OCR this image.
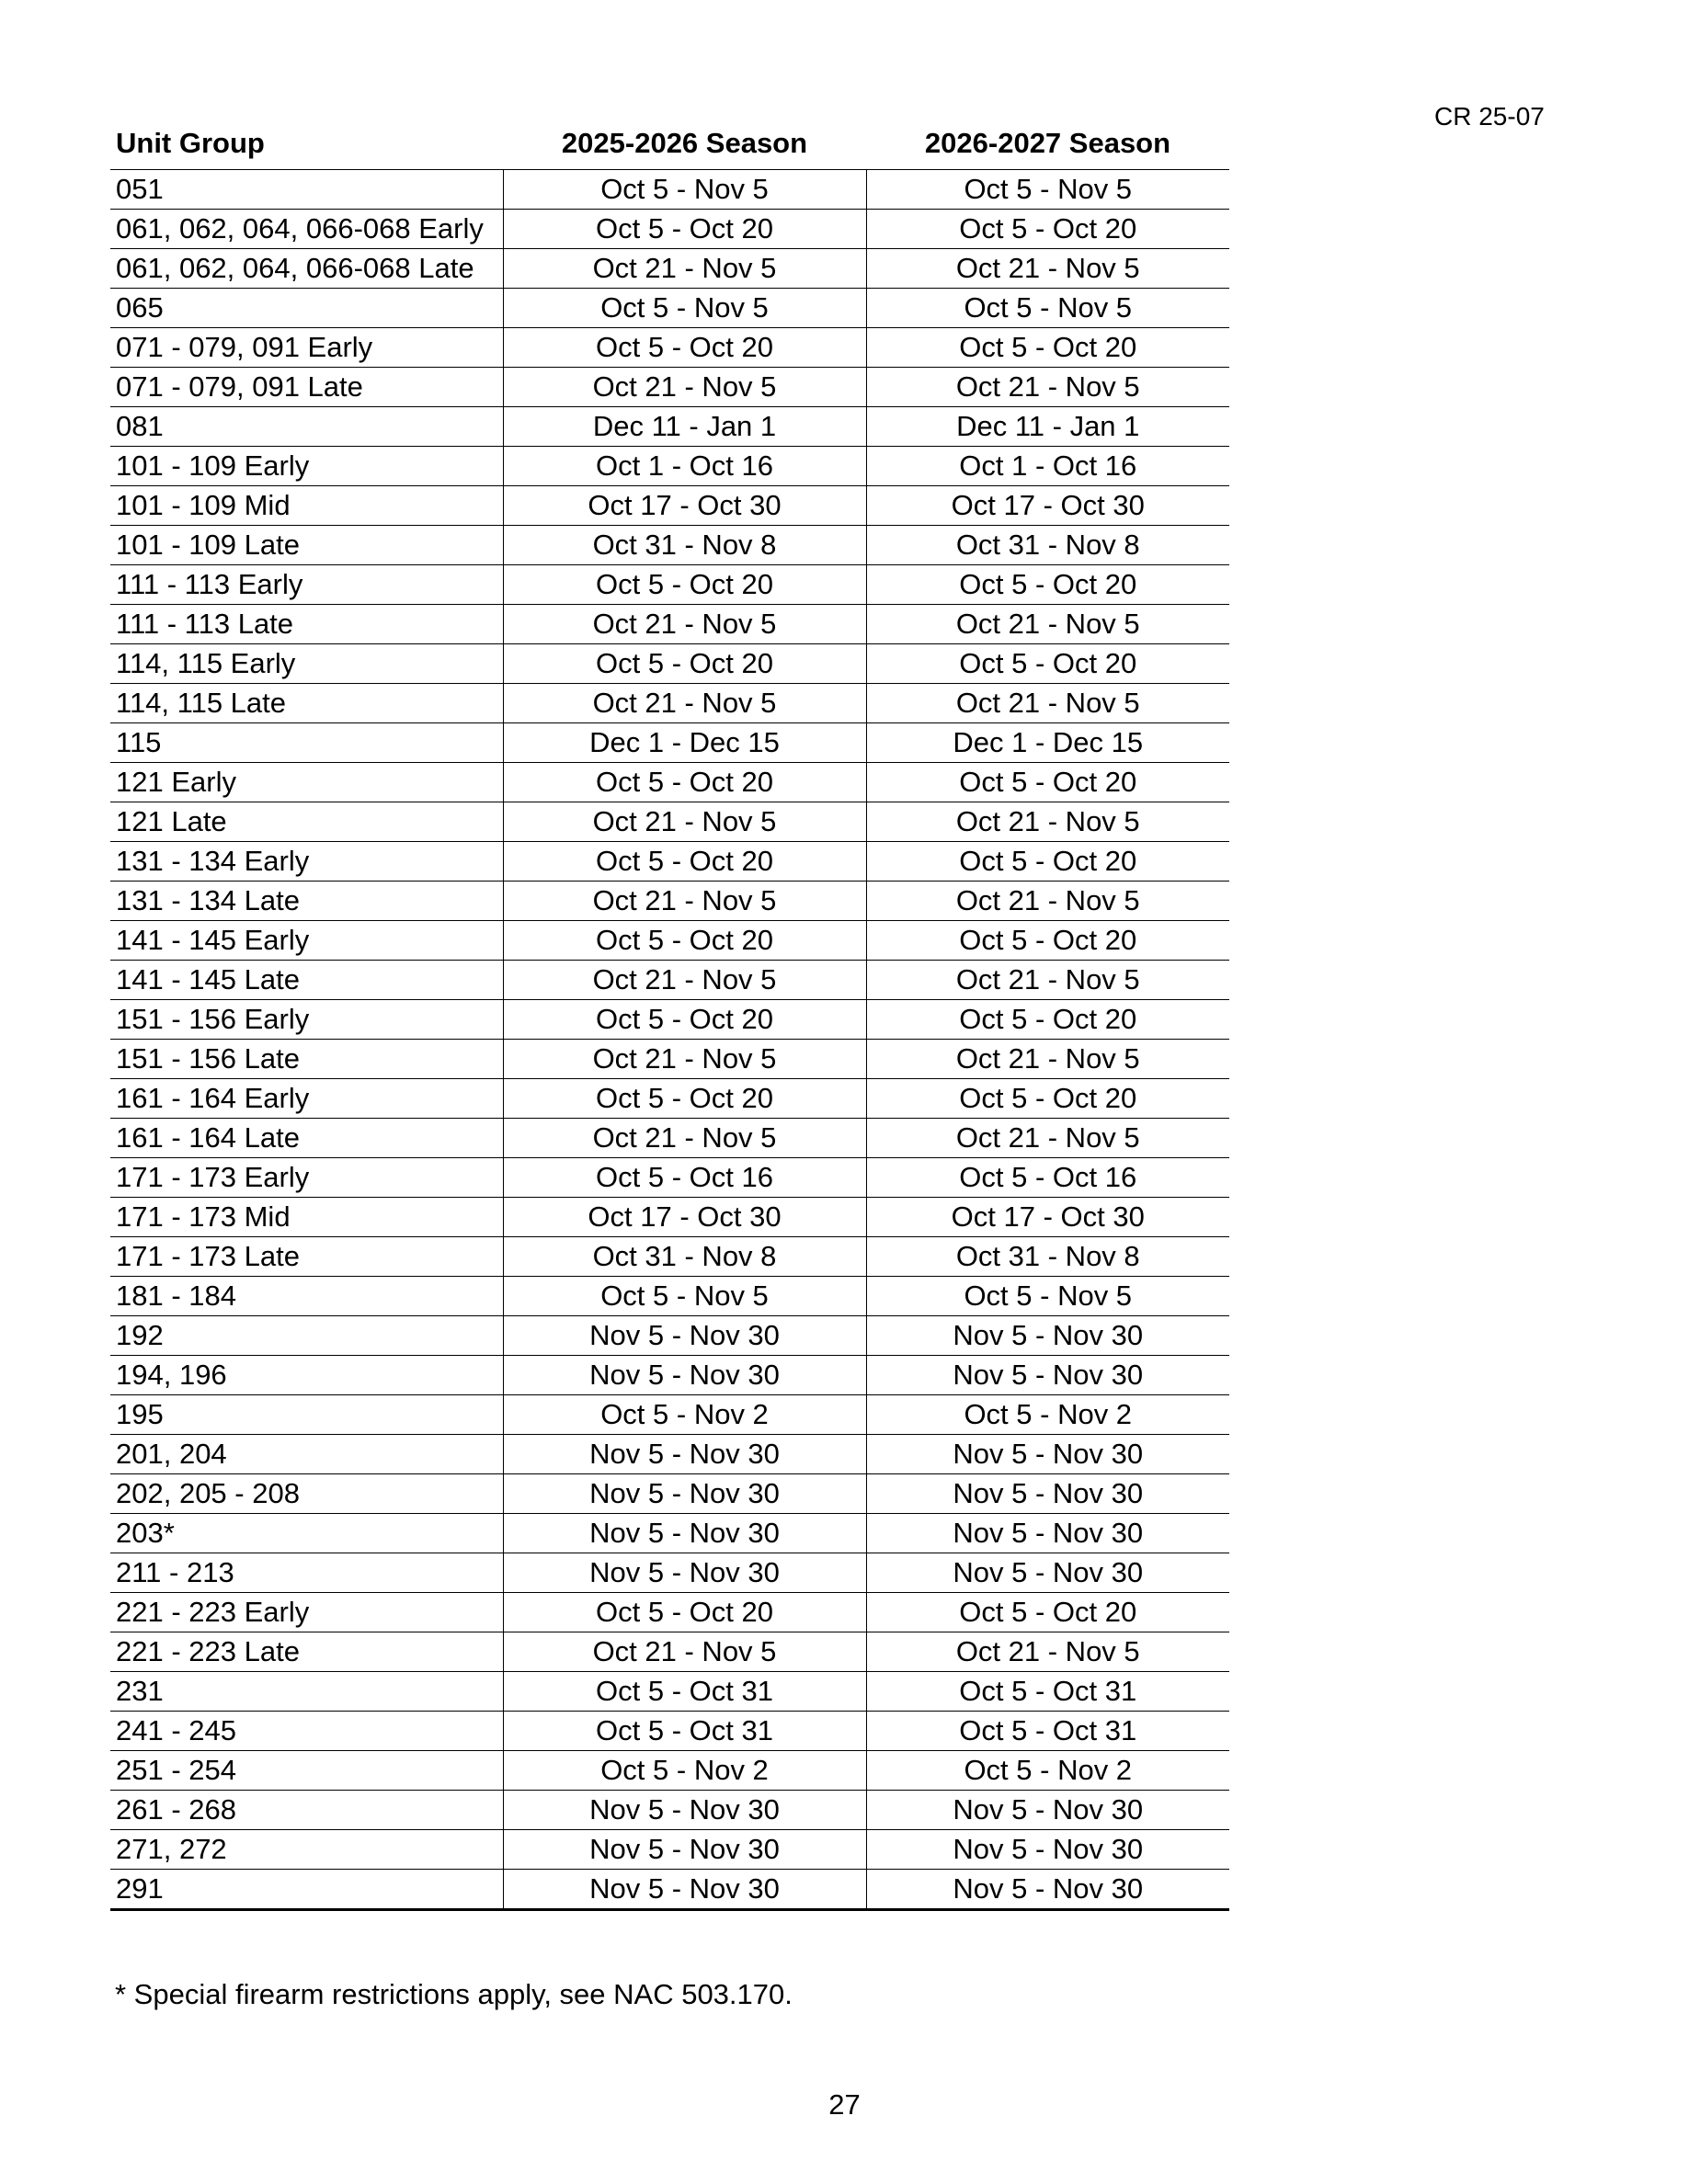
CR 25-07
Unit Group	2025-2026 Season	2026-2027 Season
051	Oct 5 - Nov 5	Oct 5 - Nov 5
061, 062, 064, 066-068 Early	Oct 5 - Oct 20	Oct 5 - Oct 20
061, 062, 064, 066-068 Late	Oct 21 - Nov 5	Oct 21 - Nov 5
065	Oct 5 - Nov 5	Oct 5 - Nov 5
071 - 079, 091 Early	Oct 5 - Oct 20	Oct 5 - Oct 20
071 - 079, 091 Late	Oct 21 - Nov 5	Oct 21 - Nov 5
081	Dec 11 - Jan 1	Dec 11 - Jan 1
101 - 109 Early	Oct 1 - Oct 16	Oct 1 - Oct 16
101 - 109 Mid	Oct 17 - Oct 30	Oct 17 - Oct 30
101 - 109 Late	Oct 31 - Nov 8	Oct 31 - Nov 8
111 - 113 Early	Oct 5 - Oct 20	Oct 5 - Oct 20
111 - 113 Late	Oct 21 - Nov 5	Oct 21 - Nov 5
114, 115 Early	Oct 5 - Oct 20	Oct 5 - Oct 20
114, 115 Late	Oct 21 - Nov 5	Oct 21 - Nov 5
115	Dec 1 - Dec 15	Dec 1 - Dec 15
121 Early	Oct 5 - Oct 20	Oct 5 - Oct 20
121 Late	Oct 21 - Nov 5	Oct 21 - Nov 5
131 - 134 Early	Oct 5 - Oct 20	Oct 5 - Oct 20
131 - 134 Late	Oct 21 - Nov 5	Oct 21 - Nov 5
141 - 145 Early	Oct 5 - Oct 20	Oct 5 - Oct 20
141 - 145 Late	Oct 21 - Nov 5	Oct 21 - Nov 5
151 - 156 Early	Oct 5 - Oct 20	Oct 5 - Oct 20
151 - 156 Late	Oct 21 - Nov 5	Oct 21 - Nov 5
161 - 164 Early	Oct 5 - Oct 20	Oct 5 - Oct 20
161 - 164 Late	Oct 21 - Nov 5	Oct 21 - Nov 5
171 - 173 Early	Oct 5 - Oct 16	Oct 5 - Oct 16
171 - 173 Mid	Oct 17 - Oct 30	Oct 17 - Oct 30
171 - 173 Late	Oct 31 - Nov 8	Oct 31 - Nov 8
181 - 184	Oct 5 - Nov 5	Oct 5 - Nov 5
192	Nov 5 - Nov 30	Nov 5 - Nov 30
194, 196	Nov 5 - Nov 30	Nov 5 - Nov 30
195	Oct 5 - Nov 2	Oct 5 - Nov 2
201, 204	Nov 5 - Nov 30	Nov 5 - Nov 30
202, 205 - 208	Nov 5 - Nov 30	Nov 5 - Nov 30
203*	Nov 5 - Nov 30	Nov 5 - Nov 30
211 - 213	Nov 5 - Nov 30	Nov 5 - Nov 30
221 - 223 Early	Oct 5 - Oct 20	Oct 5 - Oct 20
221 - 223 Late	Oct 21 - Nov 5	Oct 21 - Nov 5
231	Oct 5 - Oct 31	Oct 5 - Oct 31
241 - 245	Oct 5 - Oct 31	Oct 5 - Oct 31
251 - 254	Oct 5 - Nov 2	Oct 5 - Nov 2
261 - 268	Nov 5 - Nov 30	Nov 5 - Nov 30
271, 272	Nov 5 - Nov 30	Nov 5 - Nov 30
291	Nov 5 - Nov 30	Nov 5 - Nov 30
* Special firearm restrictions apply, see NAC 503.170.
27
